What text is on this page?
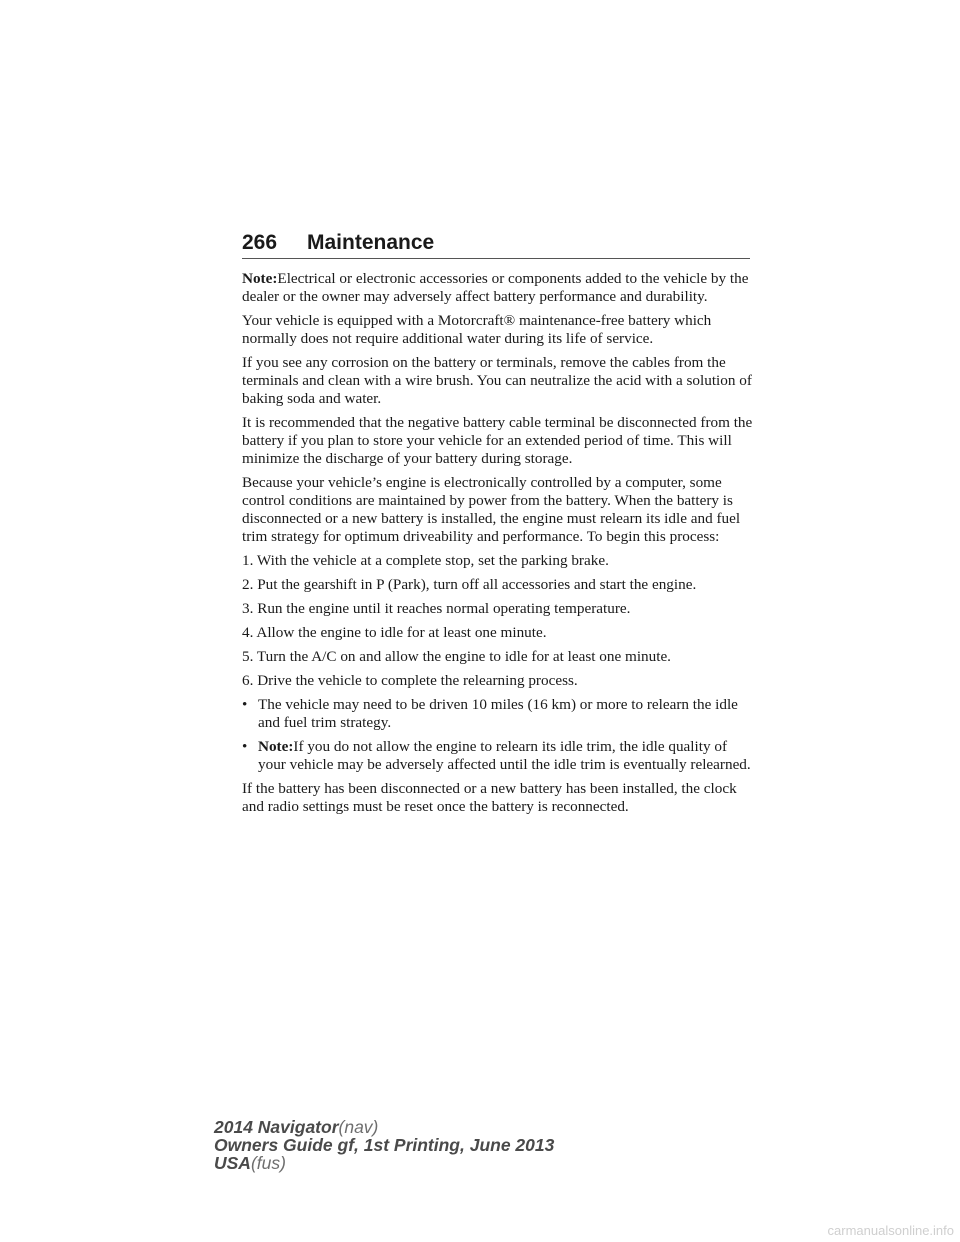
266 Maintenance

Note:Electrical or electronic accessories or components added to the vehicle by the dealer or the owner may adversely affect battery performance and durability.

Your vehicle is equipped with a Motorcraft® maintenance-free battery which normally does not require additional water during its life of service.

If you see any corrosion on the battery or terminals, remove the cables from the terminals and clean with a wire brush. You can neutralize the acid with a solution of baking soda and water.

It is recommended that the negative battery cable terminal be disconnected from the battery if you plan to store your vehicle for an extended period of time. This will minimize the discharge of your battery during storage.

Because your vehicle’s engine is electronically controlled by a computer, some control conditions are maintained by power from the battery. When the battery is disconnected or a new battery is installed, the engine must relearn its idle and fuel trim strategy for optimum driveability and performance. To begin this process:

1. With the vehicle at a complete stop, set the parking brake.

2. Put the gearshift in P (Park), turn off all accessories and start the engine.

3. Run the engine until it reaches normal operating temperature.

4. Allow the engine to idle for at least one minute.

5. Turn the A/C on and allow the engine to idle for at least one minute.

6. Drive the vehicle to complete the relearning process.

• The vehicle may need to be driven 10 miles (16 km) or more to relearn the idle and fuel trim strategy.
• Note:If you do not allow the engine to relearn its idle trim, the idle quality of your vehicle may be adversely affected until the idle trim is eventually relearned.

If the battery has been disconnected or a new battery has been installed, the clock and radio settings must be reset once the battery is reconnected.

2014 Navigator(nav)
Owners Guide gf, 1st Printing, June 2013
USA(fus)
carmanualsonline.info
